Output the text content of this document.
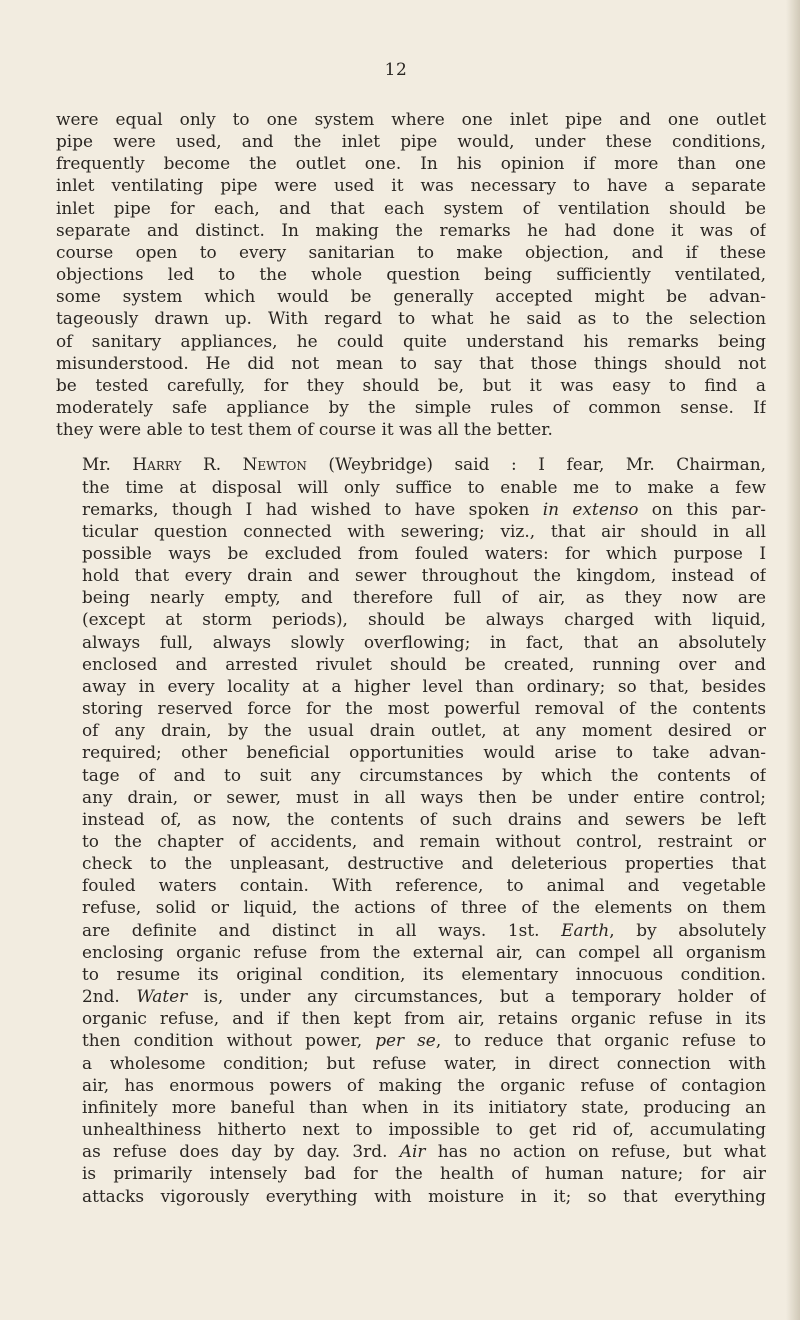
12

were equal only to one system where one inlet pipe and one outlet
pipe were used, and the inlet pipe would, under these conditions,
frequently become the outlet one. In his opinion if more than one
inlet ventilating pipe were used it was necessary to have a separate
inlet pipe for each, and that each system of ventilation should be
separate and distinct. In making the remarks he had done it was of
course open to every sanitarian to make objection, and if these
objections led to the whole question being sufficiently ventilated,
some system which would be generally accepted might be advan-
tageously drawn up. With regard to what he said as to the selection
of sanitary appliances, he could quite understand his remarks being
misunderstood. He did not mean to say that those things should not
be tested carefully, for they should be, but it was easy to find a
moderately safe appliance by the simple rules of common sense. If
they were able to test them of course it was all the better.

Mr. Harry R. Newton (Weybridge) said : I fear, Mr. Chairman,
the time at disposal will only suffice to enable me to make a few
remarks, though I had wished to have spoken in extenso on this par-
ticular question connected with sewering; viz., that air should in all
possible ways be excluded from fouled waters: for which purpose I
hold that every drain and sewer throughout the kingdom, instead of
being nearly empty, and therefore full of air, as they now are
(except at storm periods), should be always charged with liquid,
always full, always slowly overflowing; in fact, that an absolutely
enclosed and arrested rivulet should be created, running over and
away in every locality at a higher level than ordinary; so that, besides
storing reserved force for the most powerful removal of the contents
of any drain, by the usual drain outlet, at any moment desired or
required; other beneficial opportunities would arise to take advan-
tage of and to suit any circumstances by which the contents of
any drain, or sewer, must in all ways then be under entire control;
instead of, as now, the contents of such drains and sewers be left
to the chapter of accidents, and remain without control, restraint or
check to the unpleasant, destructive and deleterious properties that
fouled waters contain. With reference, to animal and vegetable
refuse, solid or liquid, the actions of three of the elements on them
are definite and distinct in all ways. 1st. Earth, by absolutely
enclosing organic refuse from the external air, can compel all organism
to resume its original condition, its elementary innocuous condition.
2nd. Water is, under any circumstances, but a temporary holder of
organic refuse, and if then kept from air, retains organic refuse in its
then condition without power, per se, to reduce that organic refuse to
a wholesome condition; but refuse water, in direct connection with
air, has enormous powers of making the organic refuse of contagion
infinitely more baneful than when in its initiatory state, producing an
unhealthiness hitherto next to impossible to get rid of, accumulating
as refuse does day by day. 3rd. Air has no action on refuse, but what
is primarily intensely bad for the health of human nature; for air
attacks vigorously everything with moisture in it; so that everything
